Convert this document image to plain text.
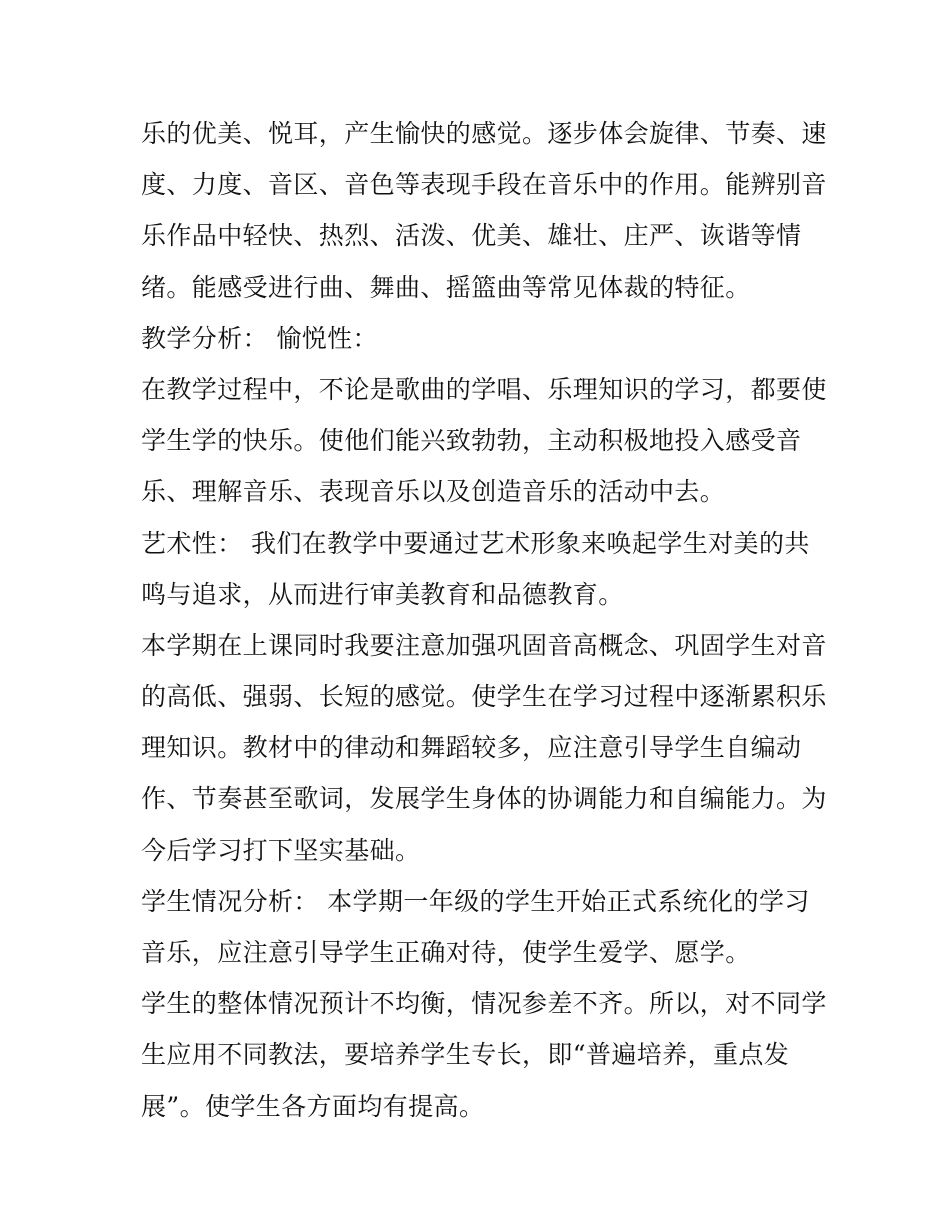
乐的优美、悦耳，产生愉快的感觉。逐步体会旋律、节奏、速
度、力度、音区、音色等表现手段在音乐中的作用。能辨别音
乐作品中轻快、热烈、活泼、优美、雄壮、庄严、诙谐等情
绪。能感受进行曲、舞曲、摇篮曲等常见体裁的特征。
教学分析： 愉悦性：
在教学过程中，不论是歌曲的学唱、乐理知识的学习，都要使
学生学的快乐。使他们能兴致勃勃，主动积极地投入感受音
乐、理解音乐、表现音乐以及创造音乐的活动中去。
艺术性： 我们在教学中要通过艺术形象来唤起学生对美的共
鸣与追求，从而进行审美教育和品德教育。
本学期在上课同时我要注意加强巩固音高概念、巩固学生对音
的高低、强弱、长短的感觉。使学生在学习过程中逐渐累积乐
理知识。教材中的律动和舞蹈较多，应注意引导学生自编动
作、节奏甚至歌词，发展学生身体的协调能力和自编能力。为
今后学习打下坚实基础。
学生情况分析： 本学期一年级的学生开始正式系统化的学习
音乐，应注意引导学生正确对待，使学生爱学、愿学。
学生的整体情况预计不均衡，情况参差不齐。所以，对不同学
生应用不同教法，要培养学生专长，即“普遍培养，重点发
展”。使学生各方面均有提高。
